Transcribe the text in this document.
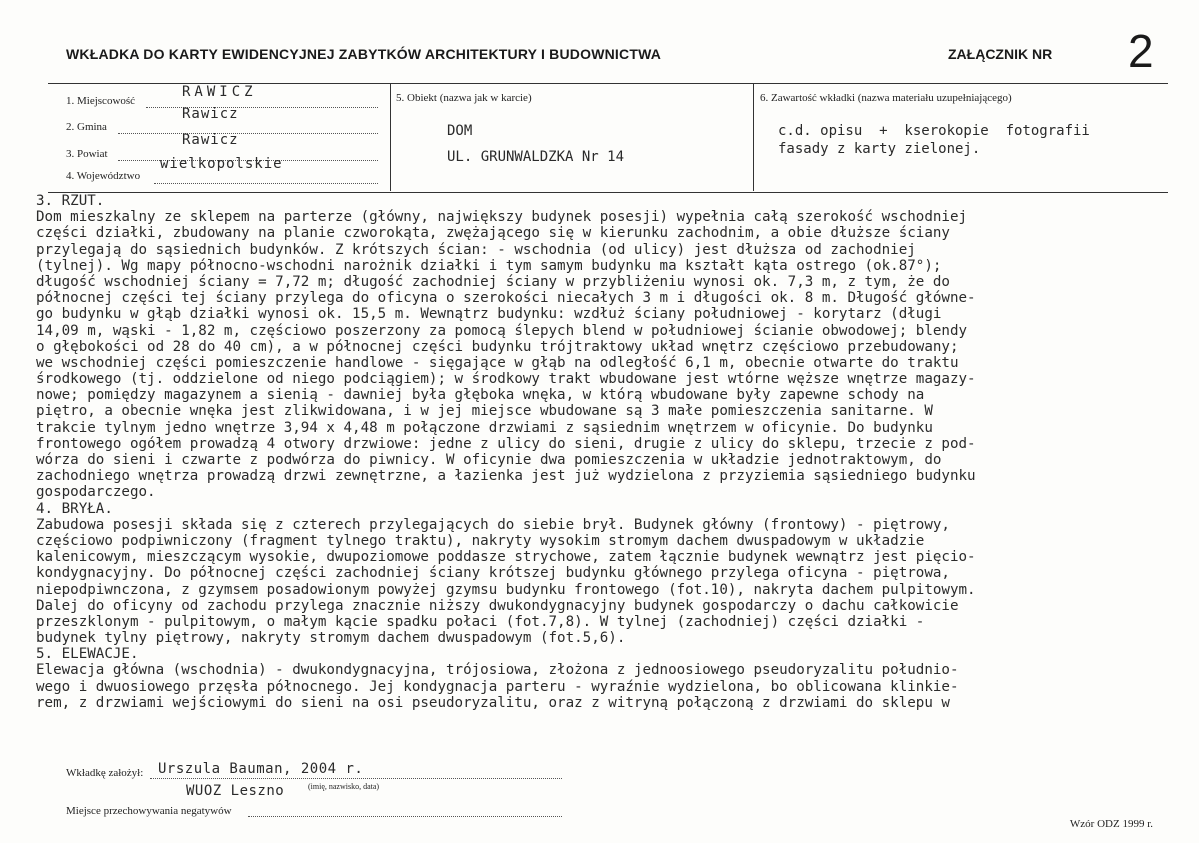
WKŁADKA DO KARTY EWIDENCYJNEJ ZABYTKÓW ARCHITEKTURY I BUDOWNICTWA	ZAŁĄCZNIK NR 2
1. Miejscowość
RAWICZ
2. Gmina
Rawicz
3. Powiat
Rawicz
4. Województwo
wielkopolskie
5. Obiekt (nazwa jak w karcie)
DOM
UL. GRUNWALDZKA Nr 14
6. Zawartość wkładki (nazwa materiału uzupełniającego)
c.d. opisu  +  kserokopie  fotografii
fasady z karty zielonej.
3. RZUT.
Dom mieszkalny ze sklepem na parterze (główny, największy budynek posesji) wypełnia całą szerokość wschodniej
części działki, zbudowany na planie czworokąta, zwężającego się w kierunku zachodnim, a obie dłuższe ściany
przylegają do sąsiednich budynków. Z krótszych ścian: - wschodnia (od ulicy) jest dłuższa od zachodniej
(tylnej). Wg mapy północno-wschodni narożnik działki i tym samym budynku ma kształt kąta ostrego (ok.87°);
długość wschodniej ściany = 7,72 m; długość zachodniej ściany w przybliżeniu wynosi ok. 7,3 m, z tym, że do
północnej części tej ściany przylega do oficyna o szerokości niecałych 3 m i długości ok. 8 m. Długość główne-
go budynku w głąb działki wynosi ok. 15,5 m. Wewnątrz budynku: wzdłuż ściany południowej - korytarz (długi
14,09 m, wąski - 1,82 m, częściowo poszerzony za pomocą ślepych blend w południowej ścianie obwodowej; blendy
o głębokości od 28 do 40 cm), a w północnej części budynku trójtraktowy układ wnętrz częściowo przebudowany;
we wschodniej części pomieszczenie handlowe - sięgające w głąb na odległość 6,1 m, obecnie otwarte do traktu
środkowego (tj. oddzielone od niego podciągiem); w środkowy trakt wbudowane jest wtórne węższe wnętrze magazy-
nowe; pomiędzy magazynem a sienią - dawniej była głęboka wnęka, w którą wbudowane były zapewne schody na
piętro, a obecnie wnęka jest zlikwidowana, i w jej miejsce wbudowane są 3 małe pomieszczenia sanitarne. W
trakcie tylnym jedno wnętrze 3,94 x 4,48 m połączone drzwiami z sąsiednim wnętrzem w oficynie. Do budynku
frontowego ogółem prowadzą 4 otwory drzwiowe: jedne z ulicy do sieni, drugie z ulicy do sklepu, trzecie z pod-
wórza do sieni i czwarte z podwórza do piwnicy. W oficynie dwa pomieszczenia w układzie jednotraktowym, do
zachodniego wnętrza prowadzą drzwi zewnętrzne, a łazienka jest już wydzielona z przyziemia sąsiedniego budynku
gospodarczego.
4. BRYŁA.
Zabudowa posesji składa się z czterech przylegających do siebie brył. Budynek główny (frontowy) - piętrowy,
częściowo podpiwniczony (fragment tylnego traktu), nakryty wysokim stromym dachem dwuspadowym w układzie
kalenicowym, mieszczącym wysokie, dwupoziomowe poddasze strychowe, zatem łącznie budynek wewnątrz jest pięcio-
kondygnacyjny. Do północnej części zachodniej ściany krótszej budynku głównego przylega oficyna - piętrowa,
niepodpiwnczona, z gzymsem posadowionym powyżej gzymsu budynku frontowego (fot.10), nakryta dachem pulpitowym.
Dalej do oficyny od zachodu przylega znacznie niższy dwukondygnacyjny budynek gospodarczy o dachu całkowicie
przeszklonym - pulpitowym, o małym kącie spadku połaci (fot.7,8). W tylnej (zachodniej) części działki -
budynek tylny piętrowy, nakryty stromym dachem dwuspadowym (fot.5,6).
5. ELEWACJE.
Elewacja główna (wschodnia) - dwukondygnacyjna, trójosiowa, złożona z jednoosiowego pseudoryzalitu południo-
wego i dwuosiowego przęsła północnego. Jej kondygnacja parteru - wyraźnie wydzielona, bo oblicowana klinkie-
rem, z drzwiami wejściowymi do sieni na osi pseudoryzalitu, oraz z witryną połączoną z drzwiami do sklepu w
Wkładkę założył: Urszula Bauman, 2004 r.
(imię, nazwisko, data)
WUOZ Leszno
Miejsce przechowywania negatywów
Wzór ODZ 1999 r.
